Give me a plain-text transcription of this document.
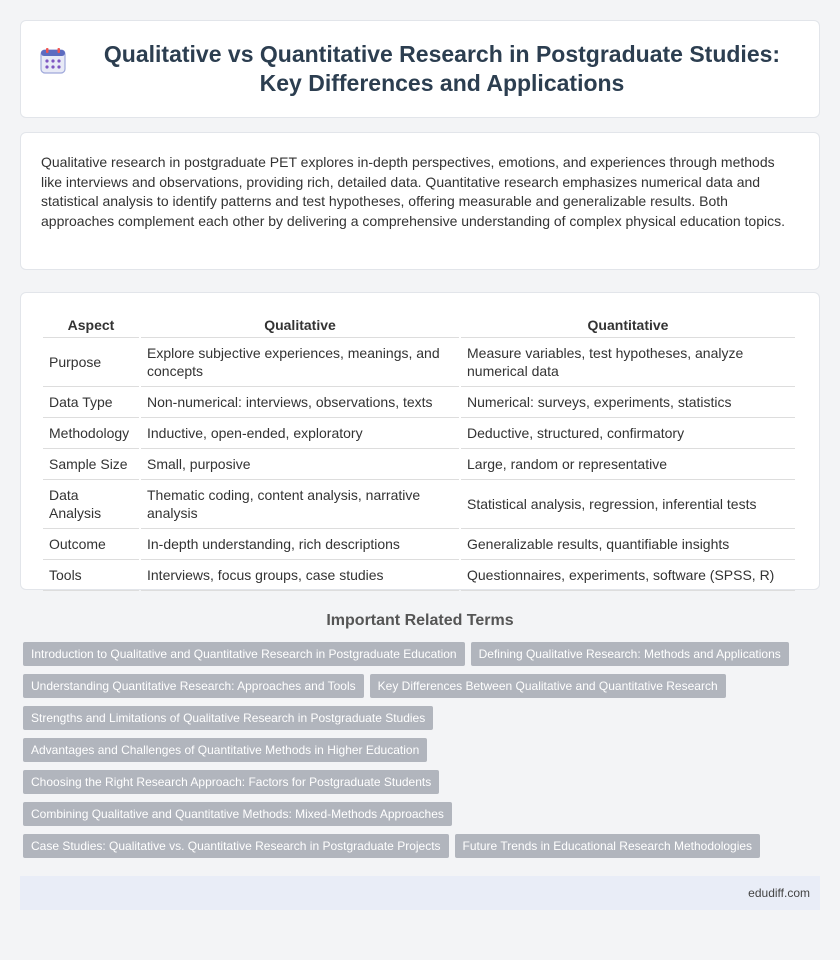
Qualitative vs Quantitative Research in Postgraduate Studies: Key Differences and Applications

Qualitative research in postgraduate PET explores in-depth perspectives, emotions, and experiences through methods like interviews and observations, providing rich, detailed data. Quantitative research emphasizes numerical data and statistical analysis to identify patterns and test hypotheses, offering measurable and generalizable results. Both approaches complement each other by delivering a comprehensive understanding of complex physical education topics.

Aspect	Qualitative	Quantitative
Purpose	Explore subjective experiences, meanings, and concepts	Measure variables, test hypotheses, analyze numerical data
Data Type	Non-numerical: interviews, observations, texts	Numerical: surveys, experiments, statistics
Methodology	Inductive, open-ended, exploratory	Deductive, structured, confirmatory
Sample Size	Small, purposive	Large, random or representative
Data Analysis	Thematic coding, content analysis, narrative analysis	Statistical analysis, regression, inferential tests
Outcome	In-depth understanding, rich descriptions	Generalizable results, quantifiable insights
Tools	Interviews, focus groups, case studies	Questionnaires, experiments, software (SPSS, R)
Important Related Terms
Introduction to Qualitative and Quantitative Research in Postgraduate Education	Defining Qualitative Research: Methods and Applications
Understanding Quantitative Research: Approaches and Tools	Key Differences Between Qualitative and Quantitative Research
Strengths and Limitations of Qualitative Research in Postgraduate Studies
Advantages and Challenges of Quantitative Methods in Higher Education
Choosing the Right Research Approach: Factors for Postgraduate Students
Combining Qualitative and Quantitative Methods: Mixed-Methods Approaches
Case Studies: Qualitative vs. Quantitative Research in Postgraduate Projects	Future Trends in Educational Research Methodologies
edudiff.com
